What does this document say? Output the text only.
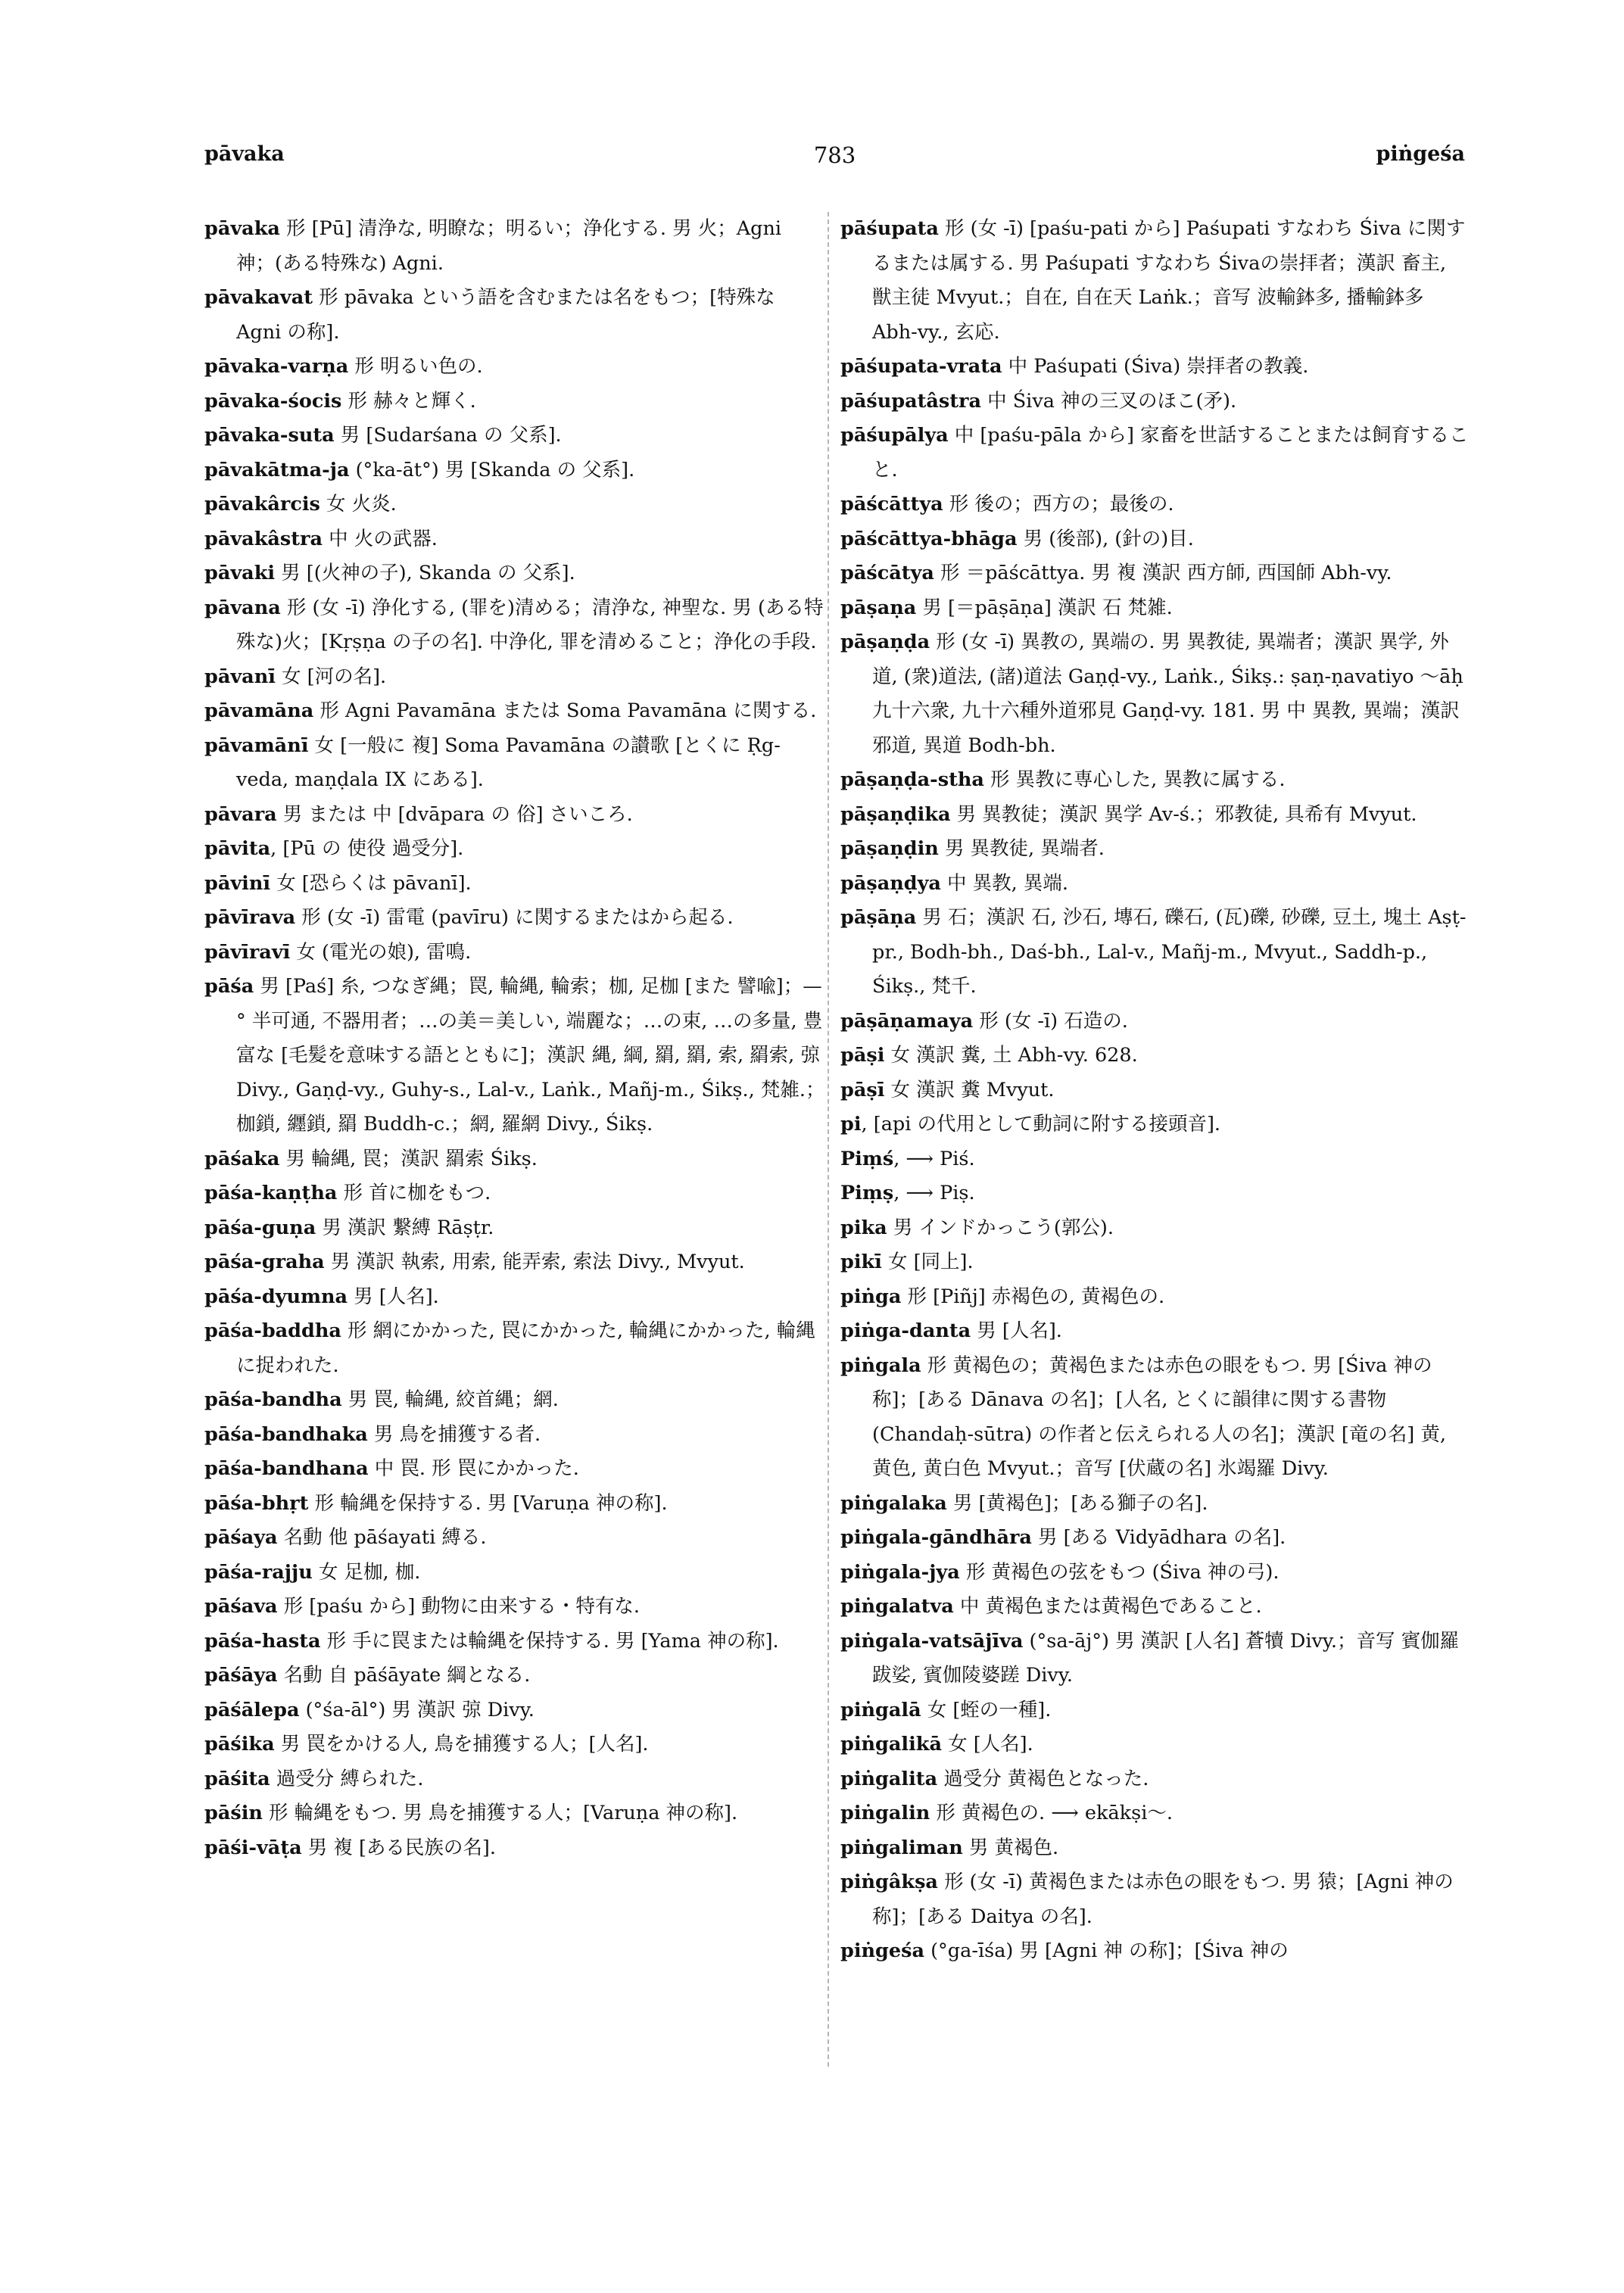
pāvaka	783	piṅgeśa
pāvaka 形 [Pū] 清浄な, 明瞭な；明るい；浄化する. 男 火；Agni 神；(ある特殊な) Agni.
pāvakavat 形 pāvaka という語を含むまたは名をもつ；[特殊な Agni の称].
pāvaka-varṇa 形 明るい色の.
pāvaka-śocis 形 赫々と輝く.
pāvaka-suta 男 [Sudarśana の 父系].
pāvakātma-ja (°ka-āt°) 男 [Skanda の 父系].
pāvakârcis 女 火炎.
pāvakâstra 中 火の武器.
pāvaki 男 [(火神の子), Skanda の 父系].
pāvana 形 (女 -ī) 浄化する, (罪を)清める；清浄な, 神聖な. 男 (ある特殊な)火；[Kṛṣṇa の子の名]. 中浄化, 罪を清めること；浄化の手段.
pāvanī 女 [河の名].
pāvamāna 形 Agni Pavamāna または Soma Pavamāna に関する.
pāvamānī 女 [一般に 複] Soma Pavamāna の讃歌 [とくに Ṛg-veda, maṇḍala IX にある].
pāvara 男 または 中 [dvāpara の 俗] さいころ.
pāvita, [Pū の 使役 過受分].
pāvinī 女 [恐らくは pāvanī].
pāvīrava 形 (女 -ī) 雷電 (pavīru) に関するまたはから起る.
pāvīravī 女 (電光の娘), 雷鳴.
pāśa 男 [Paś] 糸, つなぎ縄；罠, 輪縄, 輪索；枷, 足枷 [また 譬喩]；—° 半可通, 不器用者；…の美＝美しい, 端麗な；…の束, …の多量, 豊富な [毛髪を意味する語とともに]；漢訳 縄, 綱, 羂, 羂, 索, 羂索, 弶 Divy., Gaṇḍ-vy., Guhy-s., Lal-v., Laṅk., Mañj-m., Śikṣ., 梵雑.；枷鎖, 纒鎖, 羂 Buddh-c.；網, 羅網 Divy., Śikṣ.
pāśaka 男 輪縄, 罠；漢訳 羂索 Śikṣ.
pāśa-kaṇṭha 形 首に枷をもつ.
pāśa-guṇa 男 漢訳 繋縛 Rāṣṭr.
pāśa-graha 男 漢訳 執索, 用索, 能弄索, 索法 Divy., Mvyut.
pāśa-dyumna 男 [人名].
pāśa-baddha 形 網にかかった, 罠にかかった, 輪縄にかかった, 輪縄に捉われた.
pāśa-bandha 男 罠, 輪縄, 絞首縄；網.
pāśa-bandhaka 男 鳥を捕獲する者.
pāśa-bandhana 中 罠. 形 罠にかかった.
pāśa-bhṛt 形 輪縄を保持する. 男 [Varuṇa 神の称].
pāśaya 名動 他 pāśayati 縛る.
pāśa-rajju 女 足枷, 枷.
pāśava 形 [paśu から] 動物に由来する・特有な.
pāśa-hasta 形 手に罠または輪縄を保持する. 男 [Yama 神の称].
pāśāya 名動 自 pāśāyate 綱となる.
pāśālepa (°śa-āl°) 男 漢訳 弶 Divy.
pāśika 男 罠をかける人, 鳥を捕獲する人；[人名].
pāśita 過受分 縛られた.
pāśin 形 輪縄をもつ. 男 鳥を捕獲する人；[Varuṇa 神の称].
pāśi-vāṭa 男 複 [ある民族の名].
pāśupata 形 (女 -ī) [paśu-pati から] Paśupati すなわち Śiva に関するまたは属する. 男 Paśupati すなわち Śivaの崇拝者；漢訳 畜主, 獣主徒 Mvyut.；自在, 自在天 Laṅk.；音写 波輸鉢多, 播輸鉢多 Abh-vy., 玄応.
pāśupata-vrata 中 Paśupati (Śiva) 崇拝者の教義.
pāśupatâstra 中 Śiva 神の三叉のほこ(矛).
pāśupālya 中 [paśu-pāla から] 家畜を世話することまたは飼育すること.
pāścāttya 形 後の；西方の；最後の.
pāścāttya-bhāga 男 (後部), (針の)目.
pāścātya 形 ＝pāścāttya. 男 複 漢訳 西方師, 西国師 Abh-vy.
pāṣaṇa 男 [＝pāṣāṇa] 漢訳 石 梵雑.
pāṣaṇḍa 形 (女 -ī) 異教の, 異端の. 男 異教徒, 異端者；漢訳 異学, 外道, (衆)道法, (諸)道法 Gaṇḍ-vy., Laṅk., Śikṣ.: ṣaṇ-ṇavatiyo ～āḥ 九十六衆, 九十六種外道邪見 Gaṇḍ-vy. 181. 男 中 異教, 異端；漢訳 邪道, 異道 Bodh-bh.
pāṣaṇḍa-stha 形 異教に専心した, 異教に属する.
pāṣaṇḍika 男 異教徒；漢訳 異学 Av-ś.；邪教徒, 具希有 Mvyut.
pāṣaṇḍin 男 異教徒, 異端者.
pāṣaṇḍya 中 異教, 異端.
pāṣāṇa 男 石；漢訳 石, 沙石, 塼石, 礫石, (瓦)礫, 砂礫, 豆土, 塊土 Aṣṭ-pr., Bodh-bh., Daś-bh., Lal-v., Mañj-m., Mvyut., Saddh-p., Śikṣ., 梵千.
pāṣāṇamaya 形 (女 -ī) 石造の.
pāṣi 女 漢訳 糞, 土 Abh-vy. 628.
pāṣī 女 漢訳 糞 Mvyut.
pi, [api の代用として動詞に附する接頭音].
Piṃś, ⟶ Piś.
Piṃṣ, ⟶ Piṣ.
pika 男 インドかっこう(郭公).
pikī 女 [同上].
piṅga 形 [Piñj] 赤褐色の, 黄褐色の.
piṅga-danta 男 [人名].
piṅgala 形 黄褐色の；黄褐色または赤色の眼をもつ. 男 [Śiva 神の称]；[ある Dānava の名]；[人名, とくに韻律に関する書物 (Chandaḥ-sūtra) の作者と伝えられる人の名]；漢訳 [竜の名] 黄, 黄色, 黄白色 Mvyut.；音写 [伏蔵の名] 氷竭羅 Divy.
piṅgalaka 男 [黄褐色]；[ある獅子の名].
piṅgala-gāndhāra 男 [ある Vidyādhara の名].
piṅgala-jya 形 黄褐色の弦をもつ (Śiva 神の弓).
piṅgalatva 中 黄褐色または黄褐色であること.
piṅgala-vatsājīva (°sa-āj°) 男 漢訳 [人名] 蒼犢 Divy.；音写 賓伽羅跋娑, 賓伽陵婆蹉 Divy.
piṅgalā 女 [蛭の一種].
piṅgalikā 女 [人名].
piṅgalita 過受分 黄褐色となった.
piṅgalin 形 黄褐色の. ⟶ ekākṣi～.
piṅgaliman 男 黄褐色.
piṅgâkṣa 形 (女 -ī) 黄褐色または赤色の眼をもつ. 男 猿；[Agni 神の称]；[ある Daitya の名].
piṅgeśa (°ga-īśa) 男 [Agni 神 の称]；[Śiva 神の
